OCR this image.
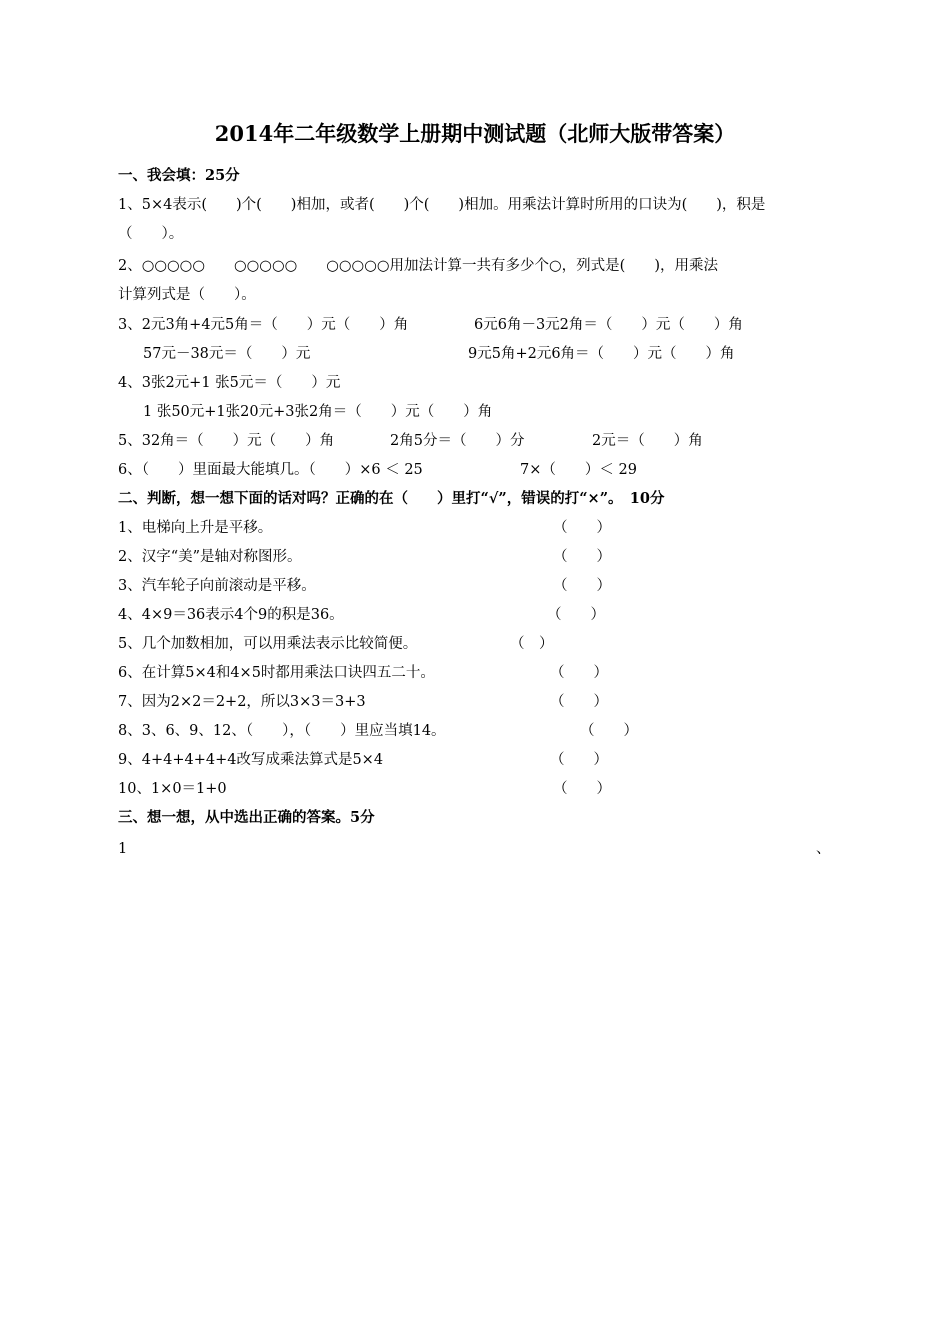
2014年二年级数学上册期中测试题（北师大版带答案）
一、我会填：25分
1、5×4表示(　　)个(　　)相加，或者(　　)个(　　)相加。用乘法计算时所用的口诀为(　　)，积是
（　　）。
2、○○○○○　　○○○○○　　○○○○○用加法计算一共有多少个○，列式是(　　)，用乘法
计算列式是（　　）。
3、2元3角+4元5角＝（　　）元（　　）角	6元6角－3元2角＝（　　）元（　　）角
57元－38元＝（　　）元	9元5角+2元6角＝（　　）元（　　）角
4、3张2元+1 张5元＝（　　）元
1 张50元+1张20元+3张2角＝（　　）元（　　）角
5、32角＝（　　）元（　　）角	2角5分＝（　　）分	2元＝（　　）角
6、（　　）里面最大能填几。（　　）×6 ＜ 25	7×（　　）＜ 29
二、判断，想一想下面的话对吗？正确的在（　　）里打“√”，错误的打“×”。　10分
1、电梯向上升是平移。	（　　）
2、汉字“美”是轴对称图形。	（　　）
3、汽车轮子向前滚动是平移。	（　　）
4、4×9＝36表示4个9的积是36。	（　　）
5、几个加数相加，可以用乘法表示比较简便。	（　）
6、在计算5×4和4×5时都用乘法口诀四五二十。	（　　）
7、因为2×2＝2+2，所以3×3＝3+3	（　　）
8、3、6、9、12、（　　），（　　）里应当填14。	（　　）
9、4+4+4+4+4改写成乘法算式是5×4	（　　）
10、1×0＝1+0	（　　）
三、想一想，从中选出正确的答案。5分
1	、
